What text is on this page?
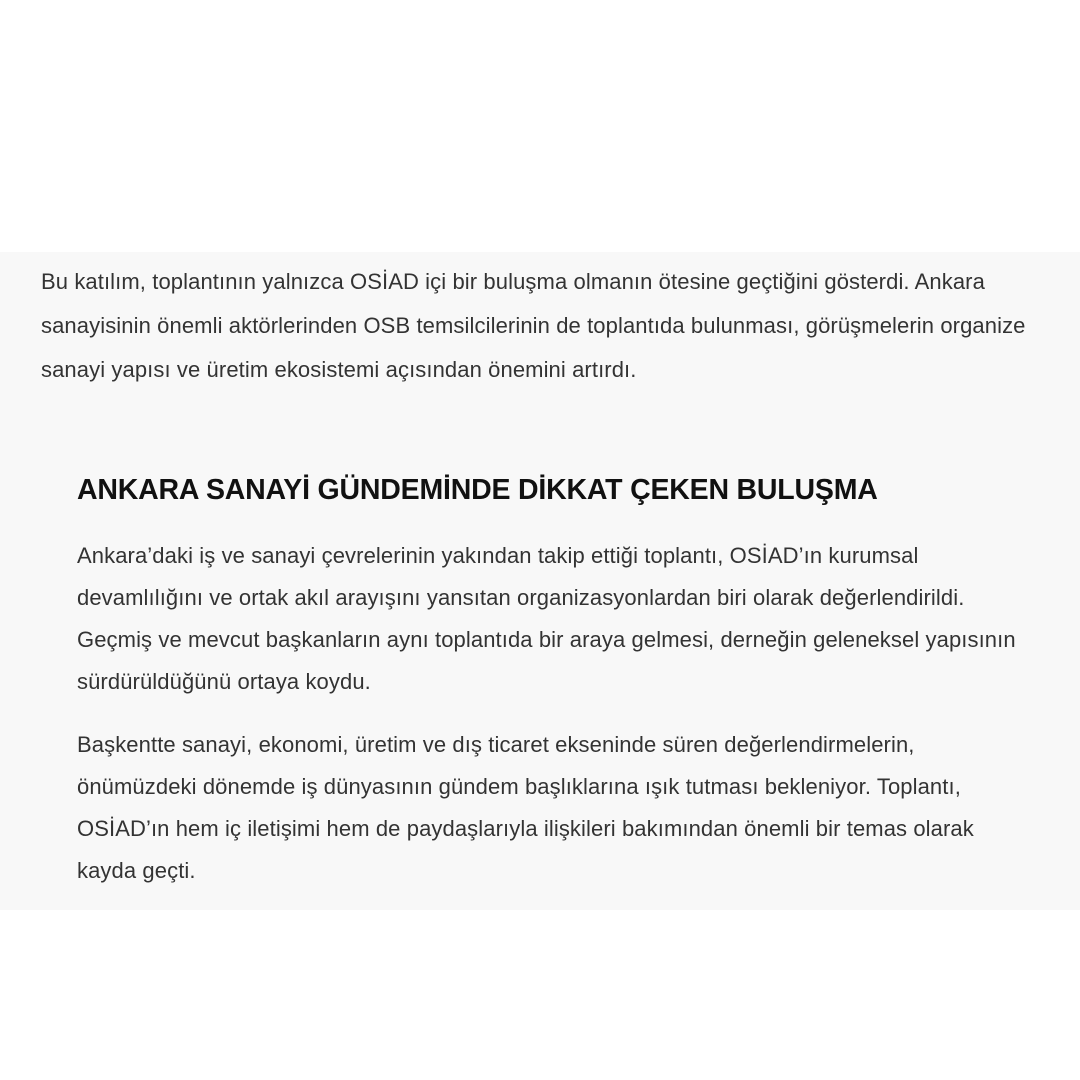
Bu katılım, toplantının yalnızca OSİAD içi bir buluşma olmanın ötesine geçtiğini gösterdi. Ankara sanayisinin önemli aktörlerinden OSB temsilcilerinin de toplantıda bulunması, görüşmelerin organize sanayi yapısı ve üretim ekosistemi açısından önemini artırdı.

ANKARA SANAYİ GÜNDEMİNDE DİKKAT ÇEKEN BULUŞMA

Ankara’daki iş ve sanayi çevrelerinin yakından takip ettiği toplantı, OSİAD’ın kurumsal devamlılığını ve ortak akıl arayışını yansıtan organizasyonlardan biri olarak değerlendirildi. Geçmiş ve mevcut başkanların aynı toplantıda bir araya gelmesi, derneğin geleneksel yapısının sürdürüldüğünü ortaya koydu.

Başkentte sanayi, ekonomi, üretim ve dış ticaret ekseninde süren değerlendirmelerin, önümüzdeki dönemde iş dünyasının gündem başlıklarına ışık tutması bekleniyor. Toplantı, OSİAD’ın hem iç iletişimi hem de paydaşlarıyla ilişkileri bakımından önemli bir temas olarak kayda geçti.
